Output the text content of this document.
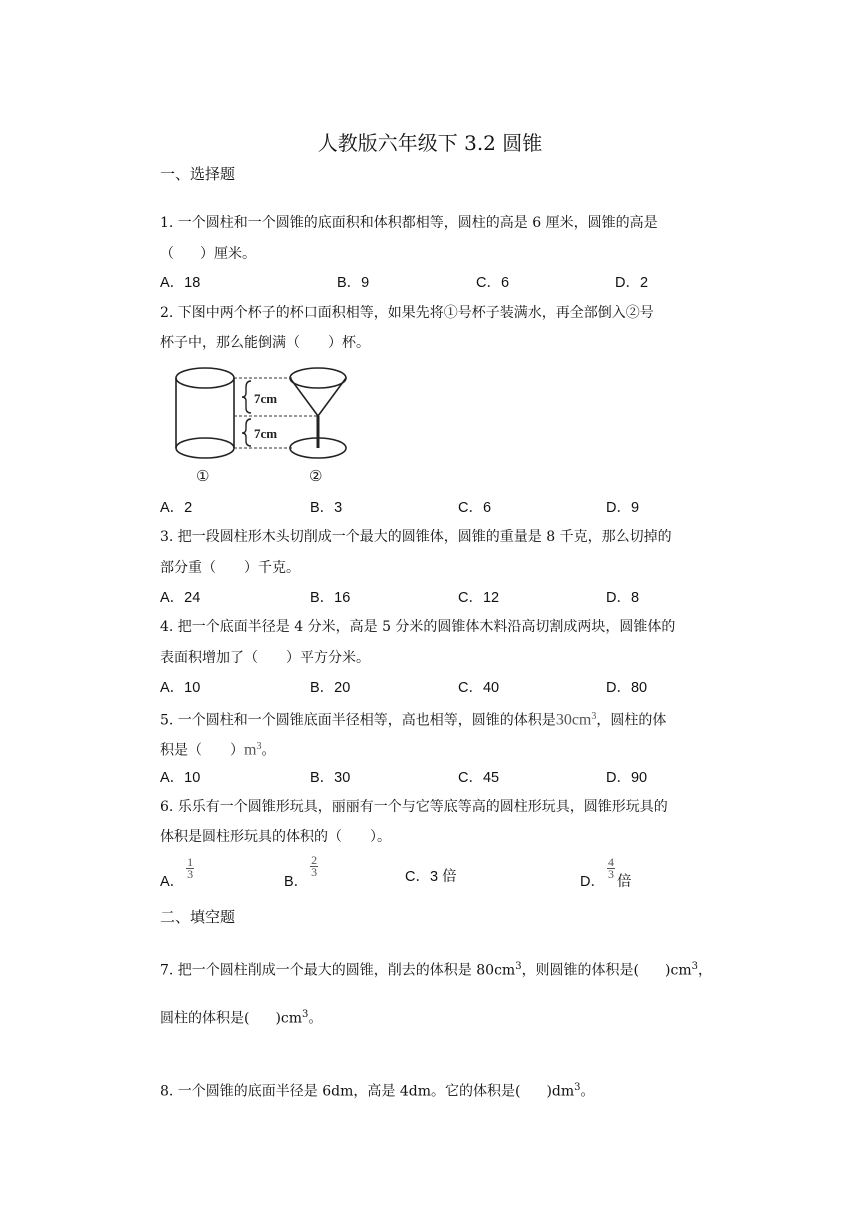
人教版六年级下 3.2 圆锥
一、选择题
1. 一个圆柱和一个圆锥的底面积和体积都相等，圆柱的高是 6 厘米，圆锥的高是
（ ）厘米。
A．18	B．9	C．6	D．2
2. 下图中两个杯子的杯口面积相等，如果先将①号杯子装满水，再全部倒入②号
杯子中，那么能倒满（　　）杯。
7cm
7cm
①	②
A．2	B．3	C．6	D．9
3. 把一段圆柱形木头切削成一个最大的圆锥体，圆锥的重量是 8 千克，那么切掉的
部分重（　　）千克。
A．24	B．16	C．12	D．8
4. 把一个底面半径是 4 分米，高是 5 分米的圆锥体木料沿高切割成两块，圆锥体的
表面积增加了（　　）平方分米。
A．10	B．20	C．40	D．80
5. 一个圆柱和一个圆锥底面半径相等，高也相等，圆锥的体积是$30cm^3$，圆柱的体
积是（　　）$m^3$。
A．10	B．30	C．45	D．90
6. 乐乐有一个圆锥形玩具，丽丽有一个与它等底等高的圆柱形玩具，圆锥形玩具的
体积是圆柱形玩具的体积的（　　）。
A．
$\frac{1}{3}$
B．
$\frac{2}{3}$	C．3 倍	D．
$\frac{4}{3}$
倍
二、填空题
7. 把一个圆柱削成一个最大的圆锥，削去的体积是 $80cm^3$，则圆锥的体积是( )$cm^3$，
圆柱的体积是( )$cm^3$。
8. 一个圆锥的底面半径是 6dm，高是 4dm。它的体积是( )$dm^3$。
